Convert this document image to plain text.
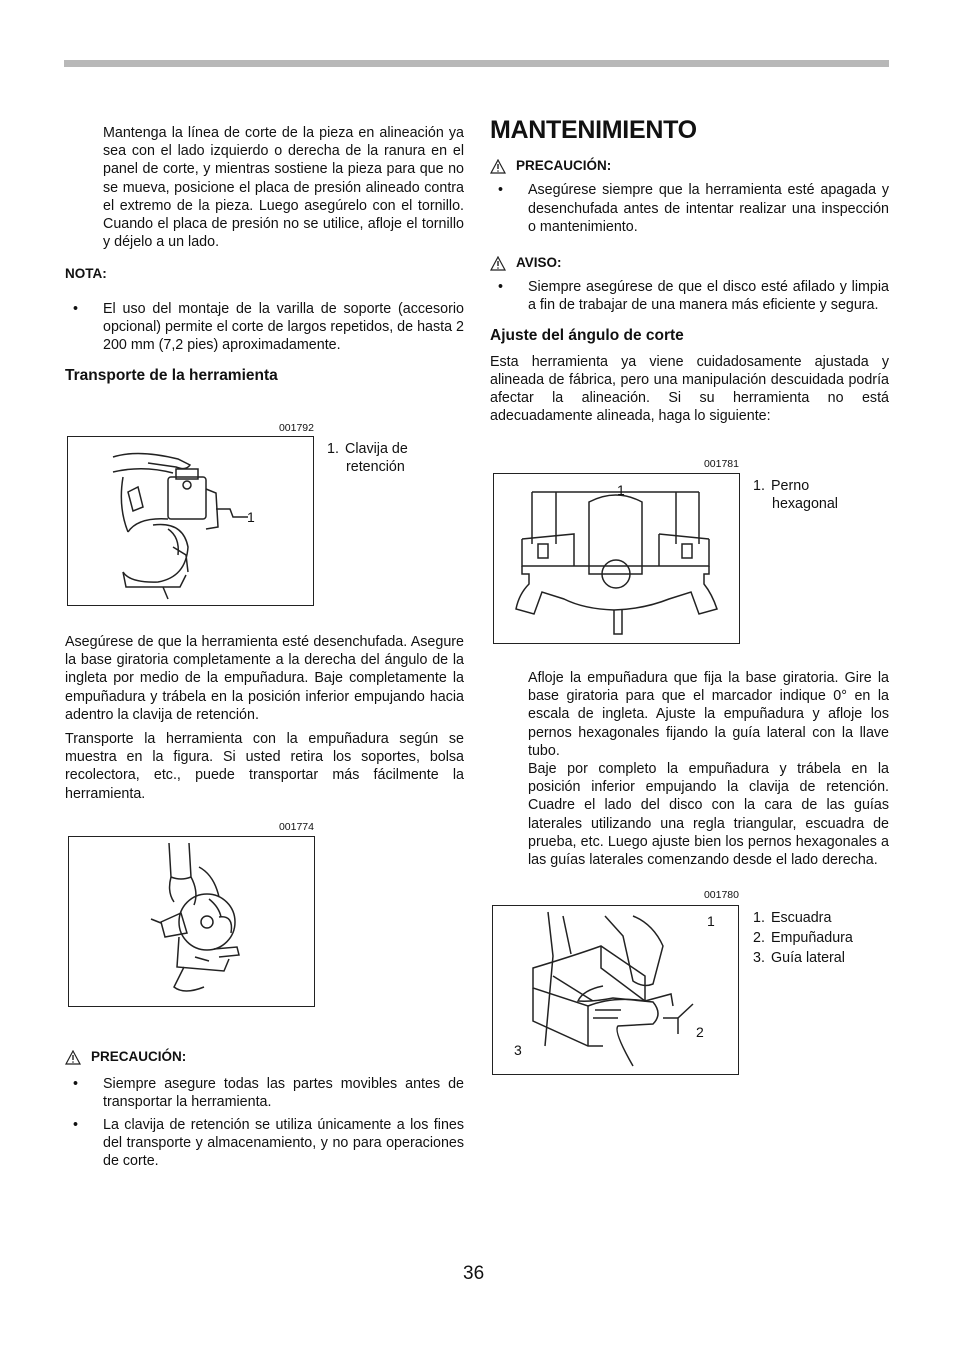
Mantenga la línea de corte de la pieza en alineación ya sea con el lado izquierdo o derecha de la ranura en el panel de corte, y mientras sostiene la pieza para que no se mueva, posicione el placa de presión alineado contra el extremo de la pieza. Luego asegúrelo con el tornillo. Cuando el placa de presión no se utilice, afloje el tornillo y déjelo a un lado.

NOTA:

• El uso del montaje de la varilla de soporte (accesorio opcional) permite el corte de largos repetidos, de hasta 2 200 mm (7,2 pies) aproximadamente.

Transporte de la herramienta
001792
1
1. Clavija de
retención

Asegúrese de que la herramienta esté desenchufada. Asegure la base giratoria completamente a la derecha del ángulo de la ingleta por medio de la empuñadura. Baje completamente la empuñadura y trábela en la posición inferior empujando hacia adentro la clavija de retención.

Transporte la herramienta con la empuñadura según se muestra en la figura. Si usted retira los soportes, bolsa recolectora, etc., puede transportar más fácilmente la herramienta.

001774
PRECAUCIÓN:

• Siempre asegure todas las partes movibles antes de transportar la herramienta.

• La clavija de retención se utiliza únicamente a los fines del transporte y almacenamiento, y no para operaciones de corte.

MANTENIMIENTO
PRECAUCIÓN:

• Asegúrese siempre que la herramienta esté apagada y desenchufada antes de intentar realizar una inspección o mantenimiento.

AVISO:

• Siempre asegúrese de que el disco esté afilado y limpia a fin de trabajar de una manera más eficiente y segura.

Ajuste del ángulo de corte

Esta herramienta ya viene cuidadosamente ajustada y alineada de fábrica, pero una manipulación descuidada podría afectar la alineación. Si su herramienta no está adecuadamente alineada, haga lo siguiente:

001781
1	1. Perno
hexagonal

Afloje la empuñadura que fija la base giratoria. Gire la base giratoria para que el marcador indique 0° en la escala de ingleta. Ajuste la empuñadura y afloje los pernos hexagonales fijando la guía lateral con la llave tubo.

Baje por completo la empuñadura y trábela en la posición inferior empujando la clavija de retención. Cuadre el lado del disco con la cara de las guías laterales utilizando una regla triangular, escuadra de prueba, etc. Luego ajuste bien los pernos hexagonales a las guías laterales comenzando desde el lado derecha.

001780
1
2
3
1. Escuadra
2. Empuñadura
3. Guía lateral
36
